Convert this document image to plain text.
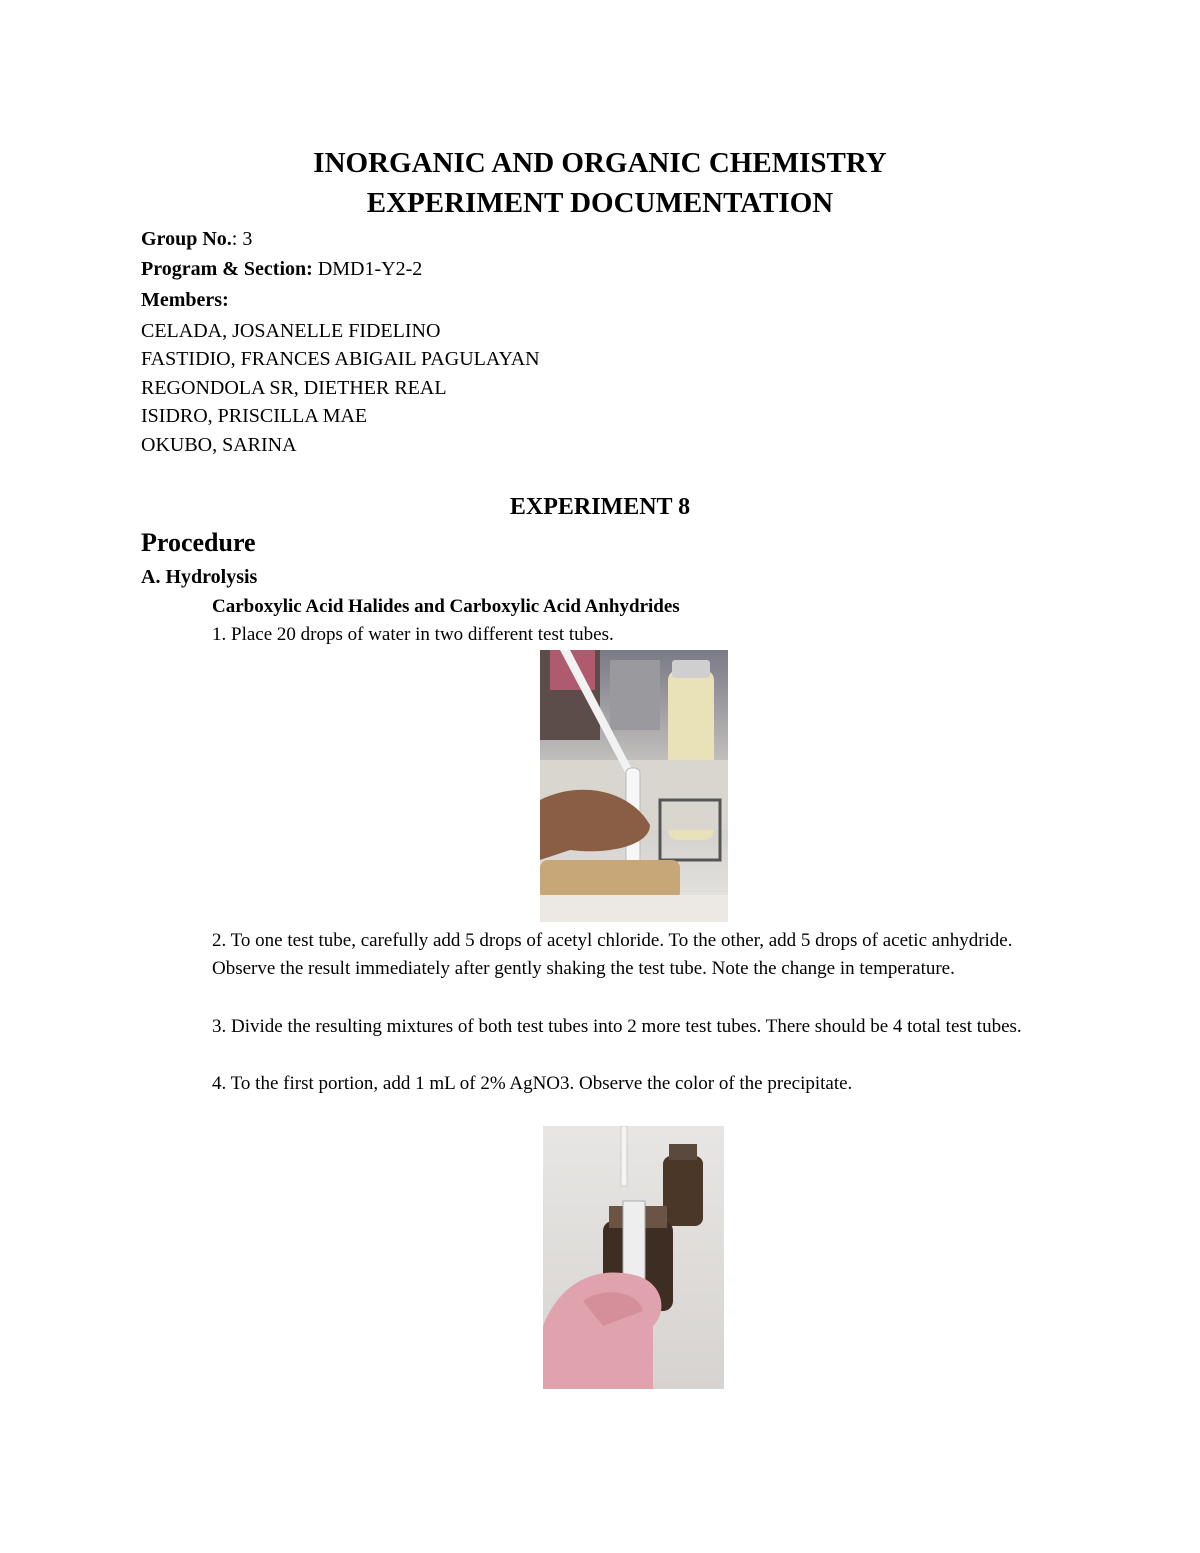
INORGANIC AND ORGANIC CHEMISTRY
EXPERIMENT DOCUMENTATION
Group No.: 3
Program & Section: DMD1-Y2-2
Members:
CELADA, JOSANELLE FIDELINO
FASTIDIO, FRANCES ABIGAIL PAGULAYAN
REGONDOLA SR, DIETHER REAL
ISIDRO, PRISCILLA MAE
OKUBO, SARINA
EXPERIMENT 8
Procedure
A. Hydrolysis
Carboxylic Acid Halides and Carboxylic Acid Anhydrides
1. Place 20 drops of water in two different test tubes.
2. To one test tube, carefully add 5 drops of acetyl chloride. To the other, add 5 drops of acetic anhydride. Observe the result immediately after gently shaking the test tube. Note the change in temperature.
3. Divide the resulting mixtures of both test tubes into 2 more test tubes. There should be 4 total test tubes.
4. To the first portion, add 1 mL of 2% AgNO3. Observe the color of the precipitate.
